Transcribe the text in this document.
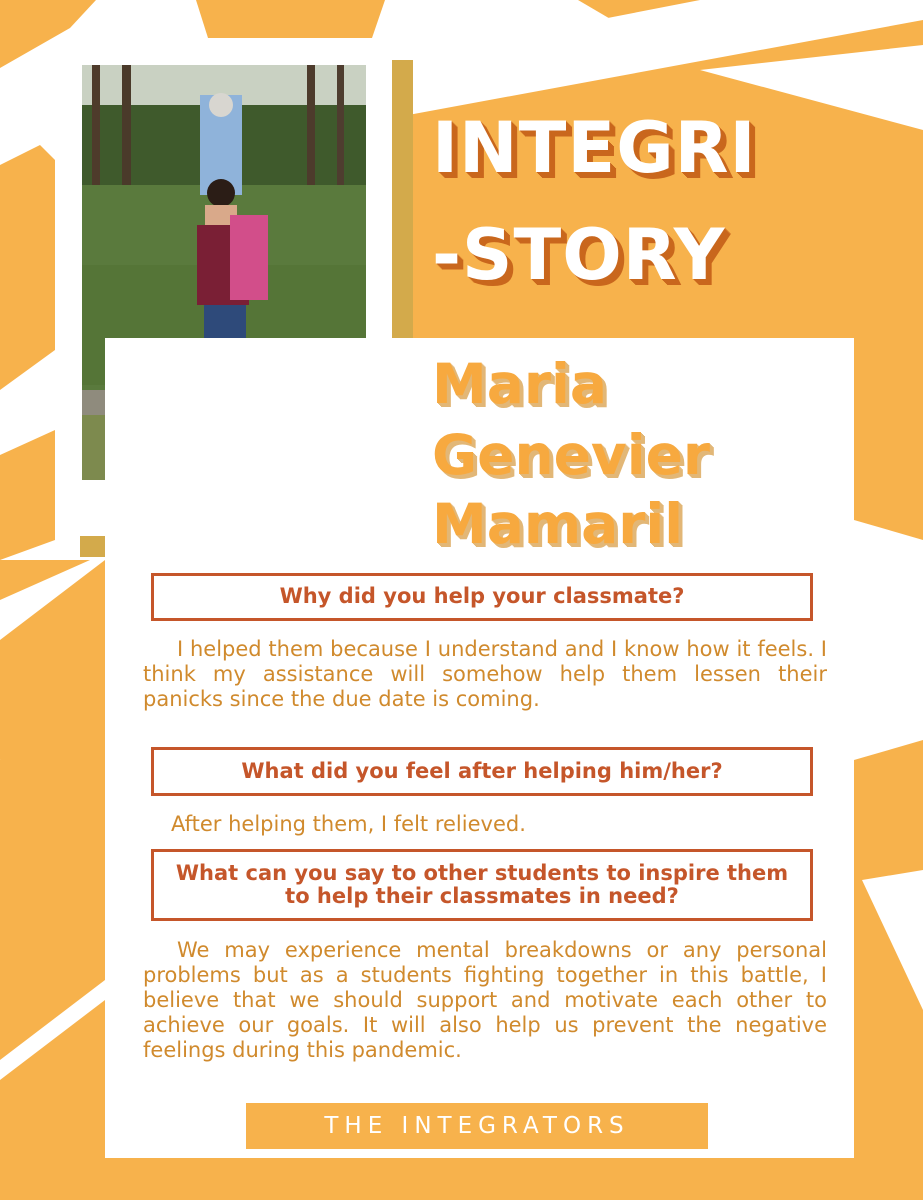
INTEGRI
-STORY
Maria
Genevier
Mamaril
Why did you help your classmate?
I helped them because I understand and I know how it feels. I think my assistance will somehow help them lessen their panicks since the due date is coming.
What did you feel after helping him/her?
After helping them, I felt relieved.
What can you say to other students to inspire them to help their classmates in need?
We may experience mental breakdowns or any personal problems but as a students fighting together in this battle, I believe that we should support and motivate each other to achieve our goals. It will also help us prevent the negative feelings during this pandemic.
THE INTEGRATORS
